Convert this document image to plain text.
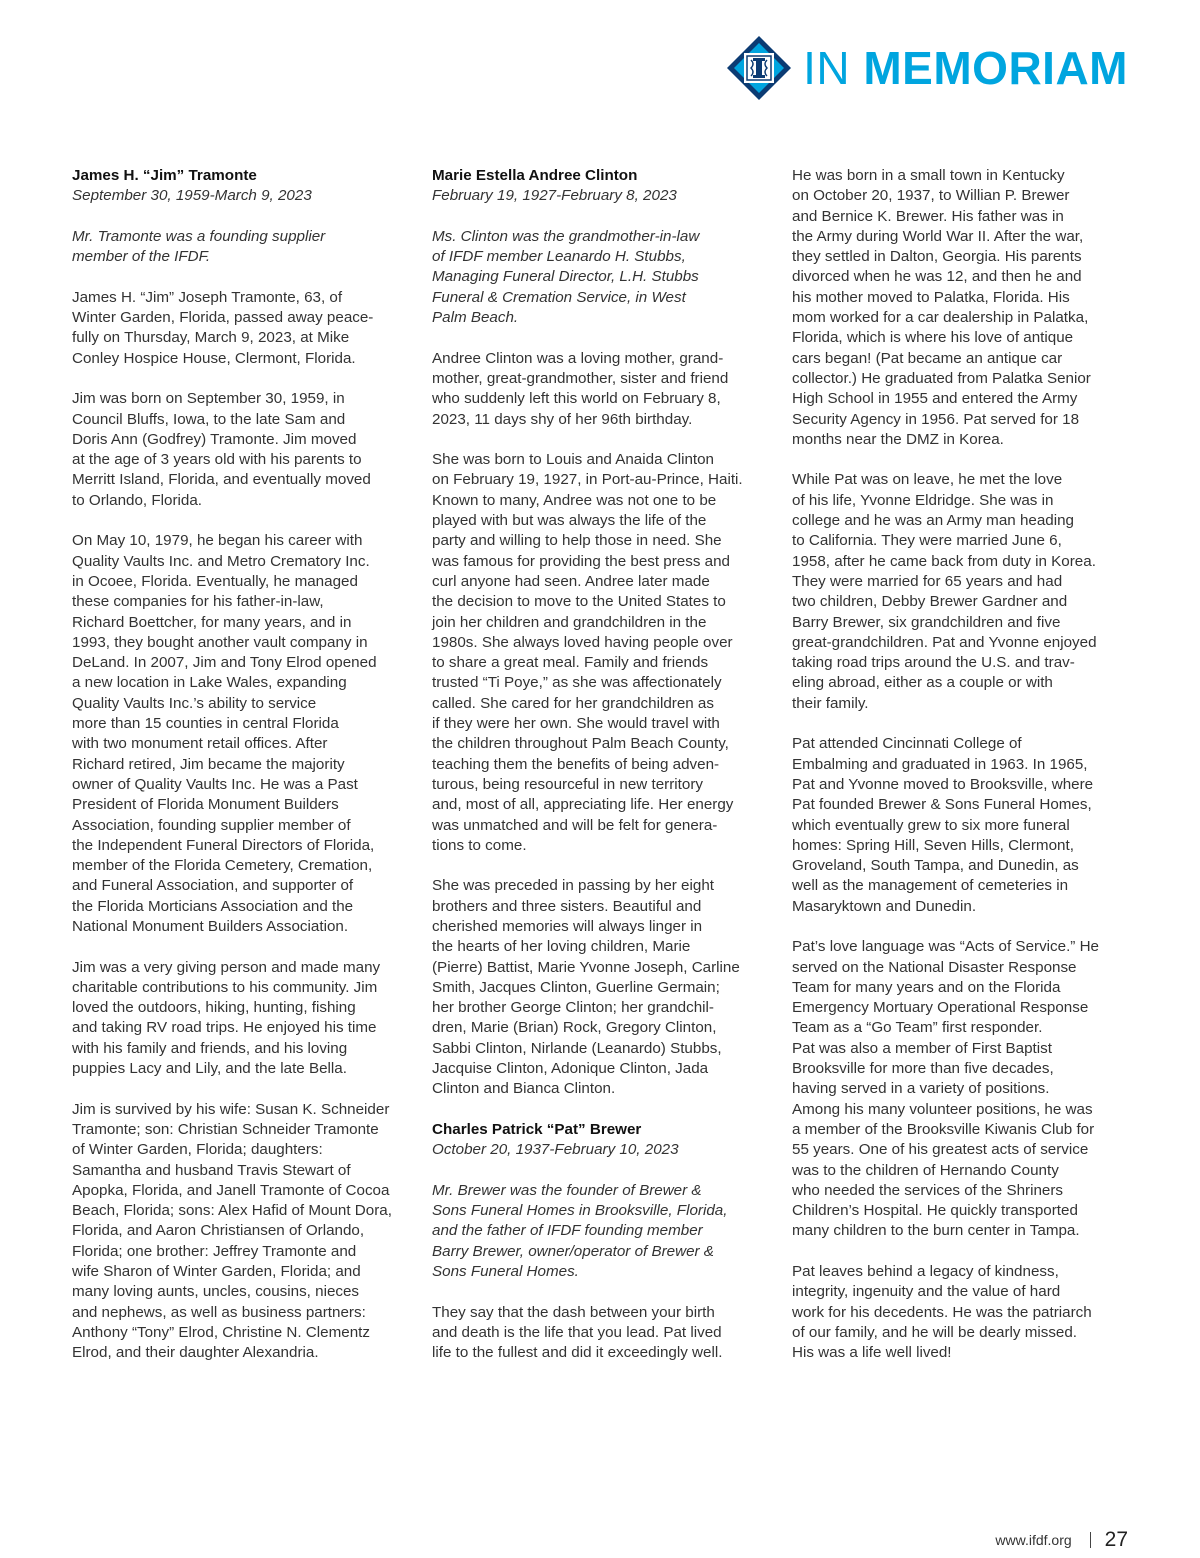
IN MEMORIAM

James H. “Jim” Tramonte

September 30, 1959-March 9, 2023

Mr. Tramonte was a founding supplier
member of the IFDF.

James H. “Jim” Joseph Tramonte, 63, of
Winter Garden, Florida, passed away peace-
fully on Thursday, March 9, 2023, at Mike
Conley Hospice House, Clermont, Florida.

Jim was born on September 30, 1959, in
Council Bluffs, Iowa, to the late Sam and
Doris Ann (Godfrey) Tramonte. Jim moved
at the age of 3 years old with his parents to
Merritt Island, Florida, and eventually moved
to Orlando, Florida.

On May 10, 1979, he began his career with
Quality Vaults Inc. and Metro Crematory Inc.
in Ocoee, Florida. Eventually, he managed
these companies for his father-in-law,
Richard Boettcher, for many years, and in
1993, they bought another vault company in
DeLand. In 2007, Jim and Tony Elrod opened
a new location in Lake Wales, expanding
Quality Vaults Inc.’s ability to service
more than 15 counties in central Florida
with two monument retail offices. After
Richard retired, Jim became the majority
owner of Quality Vaults Inc. He was a Past
President of Florida Monument Builders
Association, founding supplier member of
the Independent Funeral Directors of Florida,
member of the Florida Cemetery, Cremation,
and Funeral Association, and supporter of
the Florida Morticians Association and the
National Monument Builders Association.

Jim was a very giving person and made many
charitable contributions to his community. Jim
loved the outdoors, hiking, hunting, fishing
and taking RV road trips. He enjoyed his time
with his family and friends, and his loving
puppies Lacy and Lily, and the late Bella.

Jim is survived by his wife: Susan K. Schneider
Tramonte; son: Christian Schneider Tramonte
of Winter Garden, Florida; daughters:
Samantha and husband Travis Stewart of
Apopka, Florida, and Janell Tramonte of Cocoa
Beach, Florida; sons: Alex Hafid of Mount Dora,
Florida, and Aaron Christiansen of Orlando,
Florida; one brother: Jeffrey Tramonte and
wife Sharon of Winter Garden, Florida; and
many loving aunts, uncles, cousins, nieces
and nephews, as well as business partners:
Anthony “Tony” Elrod, Christine N. Clementz
Elrod, and their daughter Alexandria.

Marie Estella Andree Clinton

February 19, 1927-February 8, 2023

Ms. Clinton was the grandmother-in-law
of IFDF member Leanardo H. Stubbs,
Managing Funeral Director, L.H. Stubbs
Funeral & Cremation Service, in West
Palm Beach.

Andree Clinton was a loving mother, grand-
mother, great-grandmother, sister and friend
who suddenly left this world on February 8,
2023, 11 days shy of her 96th birthday.

She was born to Louis and Anaida Clinton
on February 19, 1927, in Port-au-Prince, Haiti.
Known to many, Andree was not one to be
played with but was always the life of the
party and willing to help those in need. She
was famous for providing the best press and
curl anyone had seen. Andree later made
the decision to move to the United States to
join her children and grandchildren in the
1980s. She always loved having people over
to share a great meal. Family and friends
trusted “Ti Poye,” as she was affectionately
called. She cared for her grandchildren as
if they were her own. She would travel with
the children throughout Palm Beach County,
teaching them the benefits of being adven-
turous, being resourceful in new territory
and, most of all, appreciating life. Her energy
was unmatched and will be felt for genera-
tions to come.

She was preceded in passing by her eight
brothers and three sisters. Beautiful and
cherished memories will always linger in
the hearts of her loving children, Marie
(Pierre) Battist, Marie Yvonne Joseph, Carline
Smith, Jacques Clinton, Guerline Germain;
her brother George Clinton; her grandchil-
dren, Marie (Brian) Rock, Gregory Clinton,
Sabbi Clinton, Nirlande (Leanardo) Stubbs,
Jacquise Clinton, Adonique Clinton, Jada
Clinton and Bianca Clinton.

Charles Patrick “Pat” Brewer

October 20, 1937-February 10, 2023

Mr. Brewer was the founder of Brewer &
Sons Funeral Homes in Brooksville, Florida,
and the father of IFDF founding member
Barry Brewer, owner/operator of Brewer &
Sons Funeral Homes.

They say that the dash between your birth
and death is the life that you lead. Pat lived
life to the fullest and did it exceedingly well.

He was born in a small town in Kentucky
on October 20, 1937, to Willian P. Brewer
and Bernice K. Brewer. His father was in
the Army during World War II. After the war,
they settled in Dalton, Georgia. His parents
divorced when he was 12, and then he and
his mother moved to Palatka, Florida. His
mom worked for a car dealership in Palatka,
Florida, which is where his love of antique
cars began! (Pat became an antique car
collector.) He graduated from Palatka Senior
High School in 1955 and entered the Army
Security Agency in 1956. Pat served for 18
months near the DMZ in Korea.

While Pat was on leave, he met the love
of his life, Yvonne Eldridge. She was in
college and he was an Army man heading
to California. They were married June 6,
1958, after he came back from duty in Korea.
They were married for 65 years and had
two children, Debby Brewer Gardner and
Barry Brewer, six grandchildren and five
great-grandchildren. Pat and Yvonne enjoyed
taking road trips around the U.S. and trav-
eling abroad, either as a couple or with
their family.

Pat attended Cincinnati College of
Embalming and graduated in 1963. In 1965,
Pat and Yvonne moved to Brooksville, where
Pat founded Brewer & Sons Funeral Homes,
which eventually grew to six more funeral
homes: Spring Hill, Seven Hills, Clermont,
Groveland, South Tampa, and Dunedin, as
well as the management of cemeteries in
Masaryktown and Dunedin.

Pat’s love language was “Acts of Service.” He
served on the National Disaster Response
Team for many years and on the Florida
Emergency Mortuary Operational Response
Team as a “Go Team” first responder.
Pat was also a member of First Baptist
Brooksville for more than five decades,
having served in a variety of positions.
Among his many volunteer positions, he was
a member of the Brooksville Kiwanis Club for
55 years. One of his greatest acts of service
was to the children of Hernando County
who needed the services of the Shriners
Children’s Hospital. He quickly transported
many children to the burn center in Tampa.

Pat leaves behind a legacy of kindness,
integrity, ingenuity and the value of hard
work for his decedents. He was the patriarch
of our family, and he will be dearly missed.
His was a life well lived!

www.ifdf.org 27
